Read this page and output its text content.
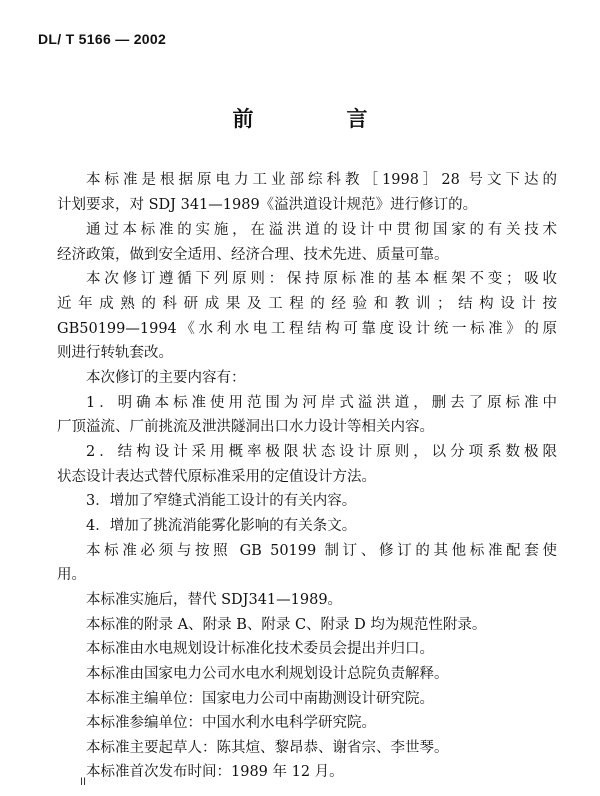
DL/ T 5166 — 2002
前　言
本标准是根据原电力工业部综科教［1998］28 号文下达的
计划要求，对 SDJ 341—1989《溢洪道设计规范》进行修订的。
通过本标准的实施，在溢洪道的设计中贯彻国家的有关技术
经济政策，做到安全适用、经济合理、技术先进、质量可靠。
本次修订遵循下列原则：保持原标准的基本框架不变；吸收
近年成熟的科研成果及工程的经验和教训；结构设计按
GB50199—1994《水利水电工程结构可靠度设计统一标准》的原
则进行转轨套改。
本次修订的主要内容有：
1．明确本标准使用范围为河岸式溢洪道，删去了原标准中
厂顶溢流、厂前挑流及泄洪隧洞出口水力设计等相关内容。
2．结构设计采用概率极限状态设计原则，以分项系数极限
状态设计表达式替代原标准采用的定值设计方法。
3．增加了窄缝式消能工设计的有关内容。
4．增加了挑流消能雾化影响的有关条文。
本标准必须与按照 GB 50199 制订、修订的其他标准配套使
用。
本标准实施后，替代 SDJ341—1989。
本标准的附录 A、附录 B、附录 C、附录 D 均为规范性附录。
本标准由水电规划设计标准化技术委员会提出并归口。
本标准由国家电力公司水电水利规划设计总院负责解释。
本标准主编单位：国家电力公司中南勘测设计研究院。
本标准参编单位：中国水利水电科学研究院。
本标准主要起草人：陈其煊、黎昂恭、谢省宗、李世琴。
本标准首次发布时间：1989 年 12 月。
II
